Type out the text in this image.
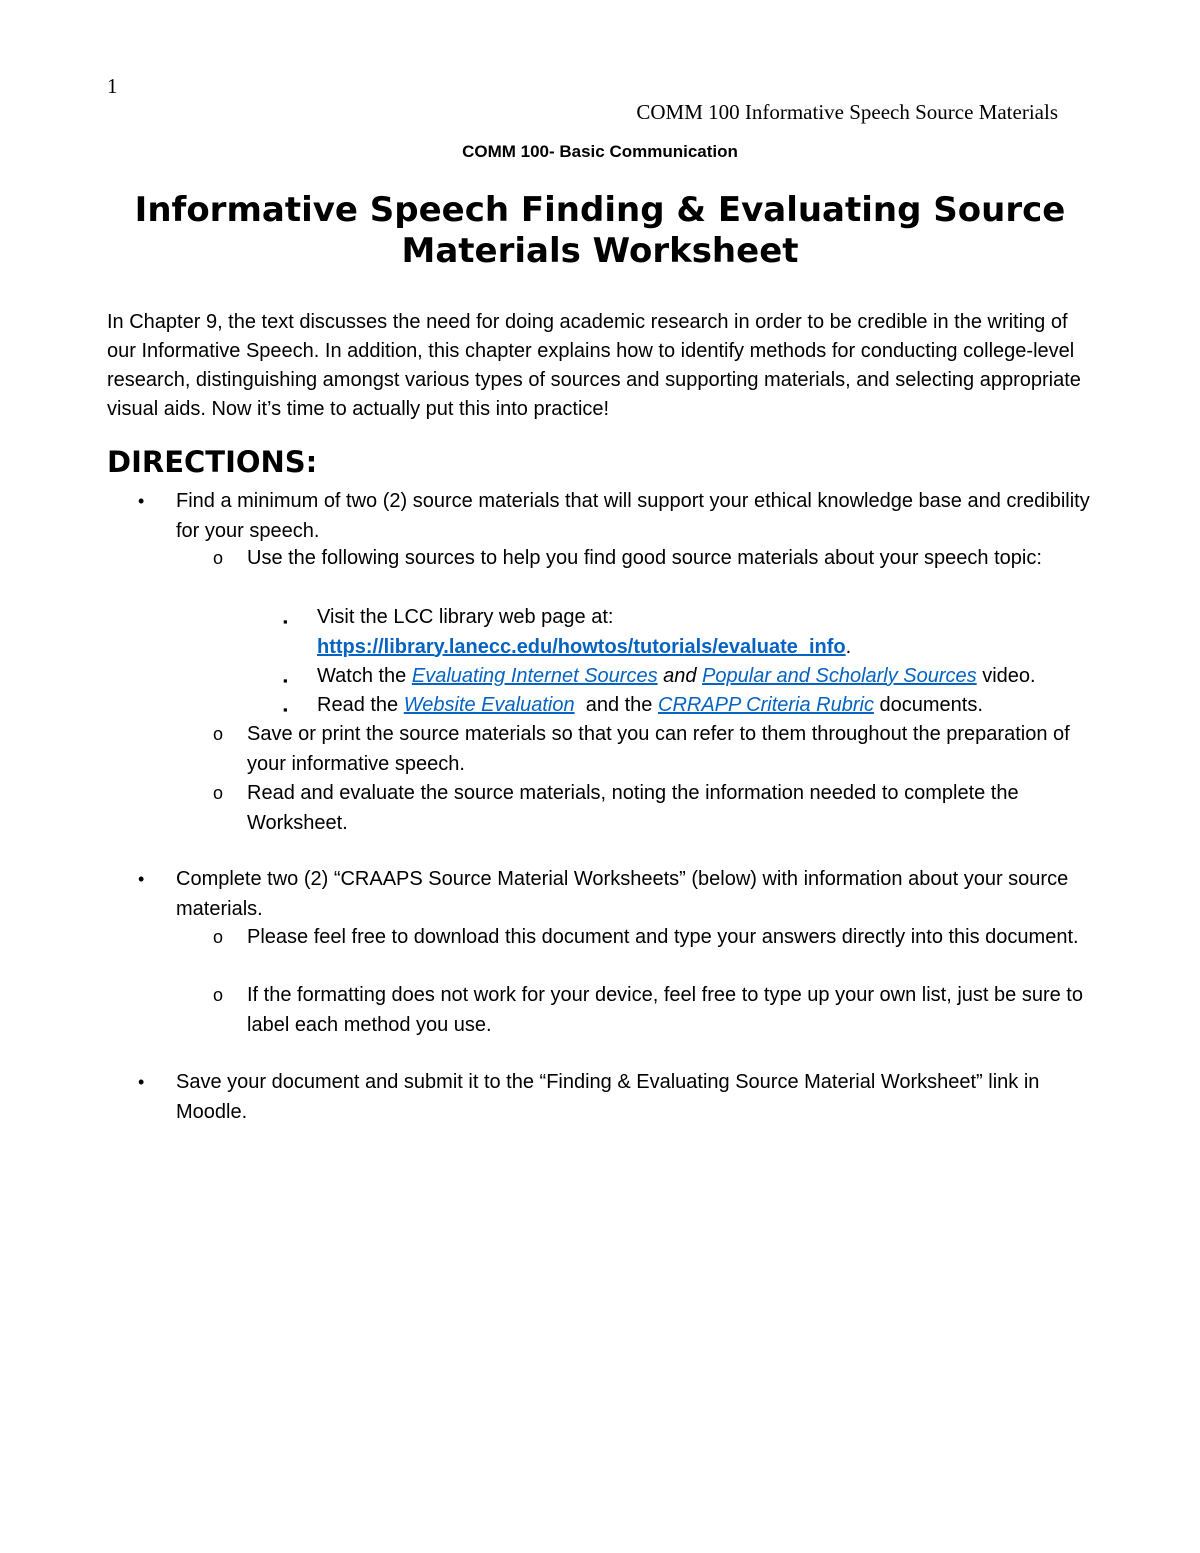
1
COMM 100 Informative Speech Source Materials
COMM 100- Basic Communication
Informative Speech Finding & Evaluating Source Materials Worksheet
In Chapter 9, the text discusses the need for doing academic research in order to be credible in the writing of our Informative Speech. In addition, this chapter explains how to identify methods for conducting college-level research, distinguishing amongst various types of sources and supporting materials, and selecting appropriate visual aids. Now it’s time to actually put this into practice!
DIRECTIONS:
• Find a minimum of two (2) source materials that will support your ethical knowledge base and credibility for your speech.
o Use the following sources to help you find good source materials about your speech topic:
▪ Visit the LCC library web page at:
https://library.lanecc.edu/howtos/tutorials/evaluate_info.
▪ Watch the Evaluating Internet Sources and Popular and Scholarly Sources video.
▪ Read the Website Evaluation and the CRRAPP Criteria Rubric documents.
o Save or print the source materials so that you can refer to them throughout the preparation of your informative speech.
o Read and evaluate the source materials, noting the information needed to complete the Worksheet.
• Complete two (2) “CRAAPS Source Material Worksheets” (below) with information about your source materials.
o Please feel free to download this document and type your answers directly into this document.
o If the formatting does not work for your device, feel free to type up your own list, just be sure to label each method you use.
• Save your document and submit it to the “Finding & Evaluating Source Material Worksheet” link in Moodle.
